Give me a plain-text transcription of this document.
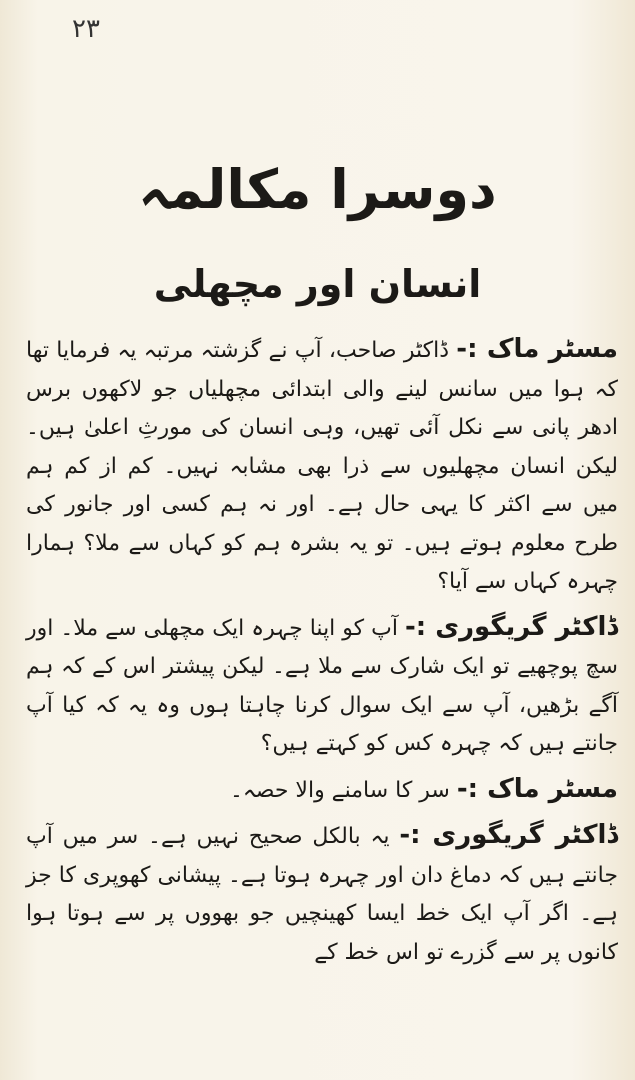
۲۳
دوسرا مکالمہ
انسان اور مچھلی

مسٹر ماک :- ڈاکٹر صاحب، آپ نے گزشتہ مرتبہ یہ فرمایا تھا کہ ہوا میں سانس لینے والی ابتدائی مچھلیاں جو لاکھوں برس ادھر پانی سے نکل آئی تھیں، وہی انسان کی مورثِ اعلیٰ ہیں۔ لیکن انسان مچھلیوں سے ذرا بھی مشابہ نہیں۔ کم از کم ہم میں سے اکثر کا یہی حال ہے۔ اور نہ ہم کسی اور جانور کی طرح معلوم ہوتے ہیں۔ تو یہ بشرہ ہم کو کہاں سے ملا؟ ہمارا چہرہ کہاں سے آیا؟

ڈاکٹر گریگوری :- آپ کو اپنا چہرہ ایک مچھلی سے ملا۔ اور سچ پوچھیے تو ایک شارک سے ملا ہے۔ لیکن پیشتر اس کے کہ ہم آگے بڑھیں، آپ سے ایک سوال کرنا چاہتا ہوں وہ یہ کہ کیا آپ جانتے ہیں کہ چہرہ کس کو کہتے ہیں؟

مسٹر ماک :- سر کا سامنے والا حصہ۔

ڈاکٹر گریگوری :- یہ بالکل صحیح نہیں ہے۔ سر میں آپ جانتے ہیں کہ دماغ دان اور چہرہ ہوتا ہے۔ پیشانی کھوپری کا جز ہے۔ اگر آپ ایک خط ایسا کھینچیں جو بھووں پر سے ہوتا ہوا کانوں پر سے گزرے تو اس خط کے
